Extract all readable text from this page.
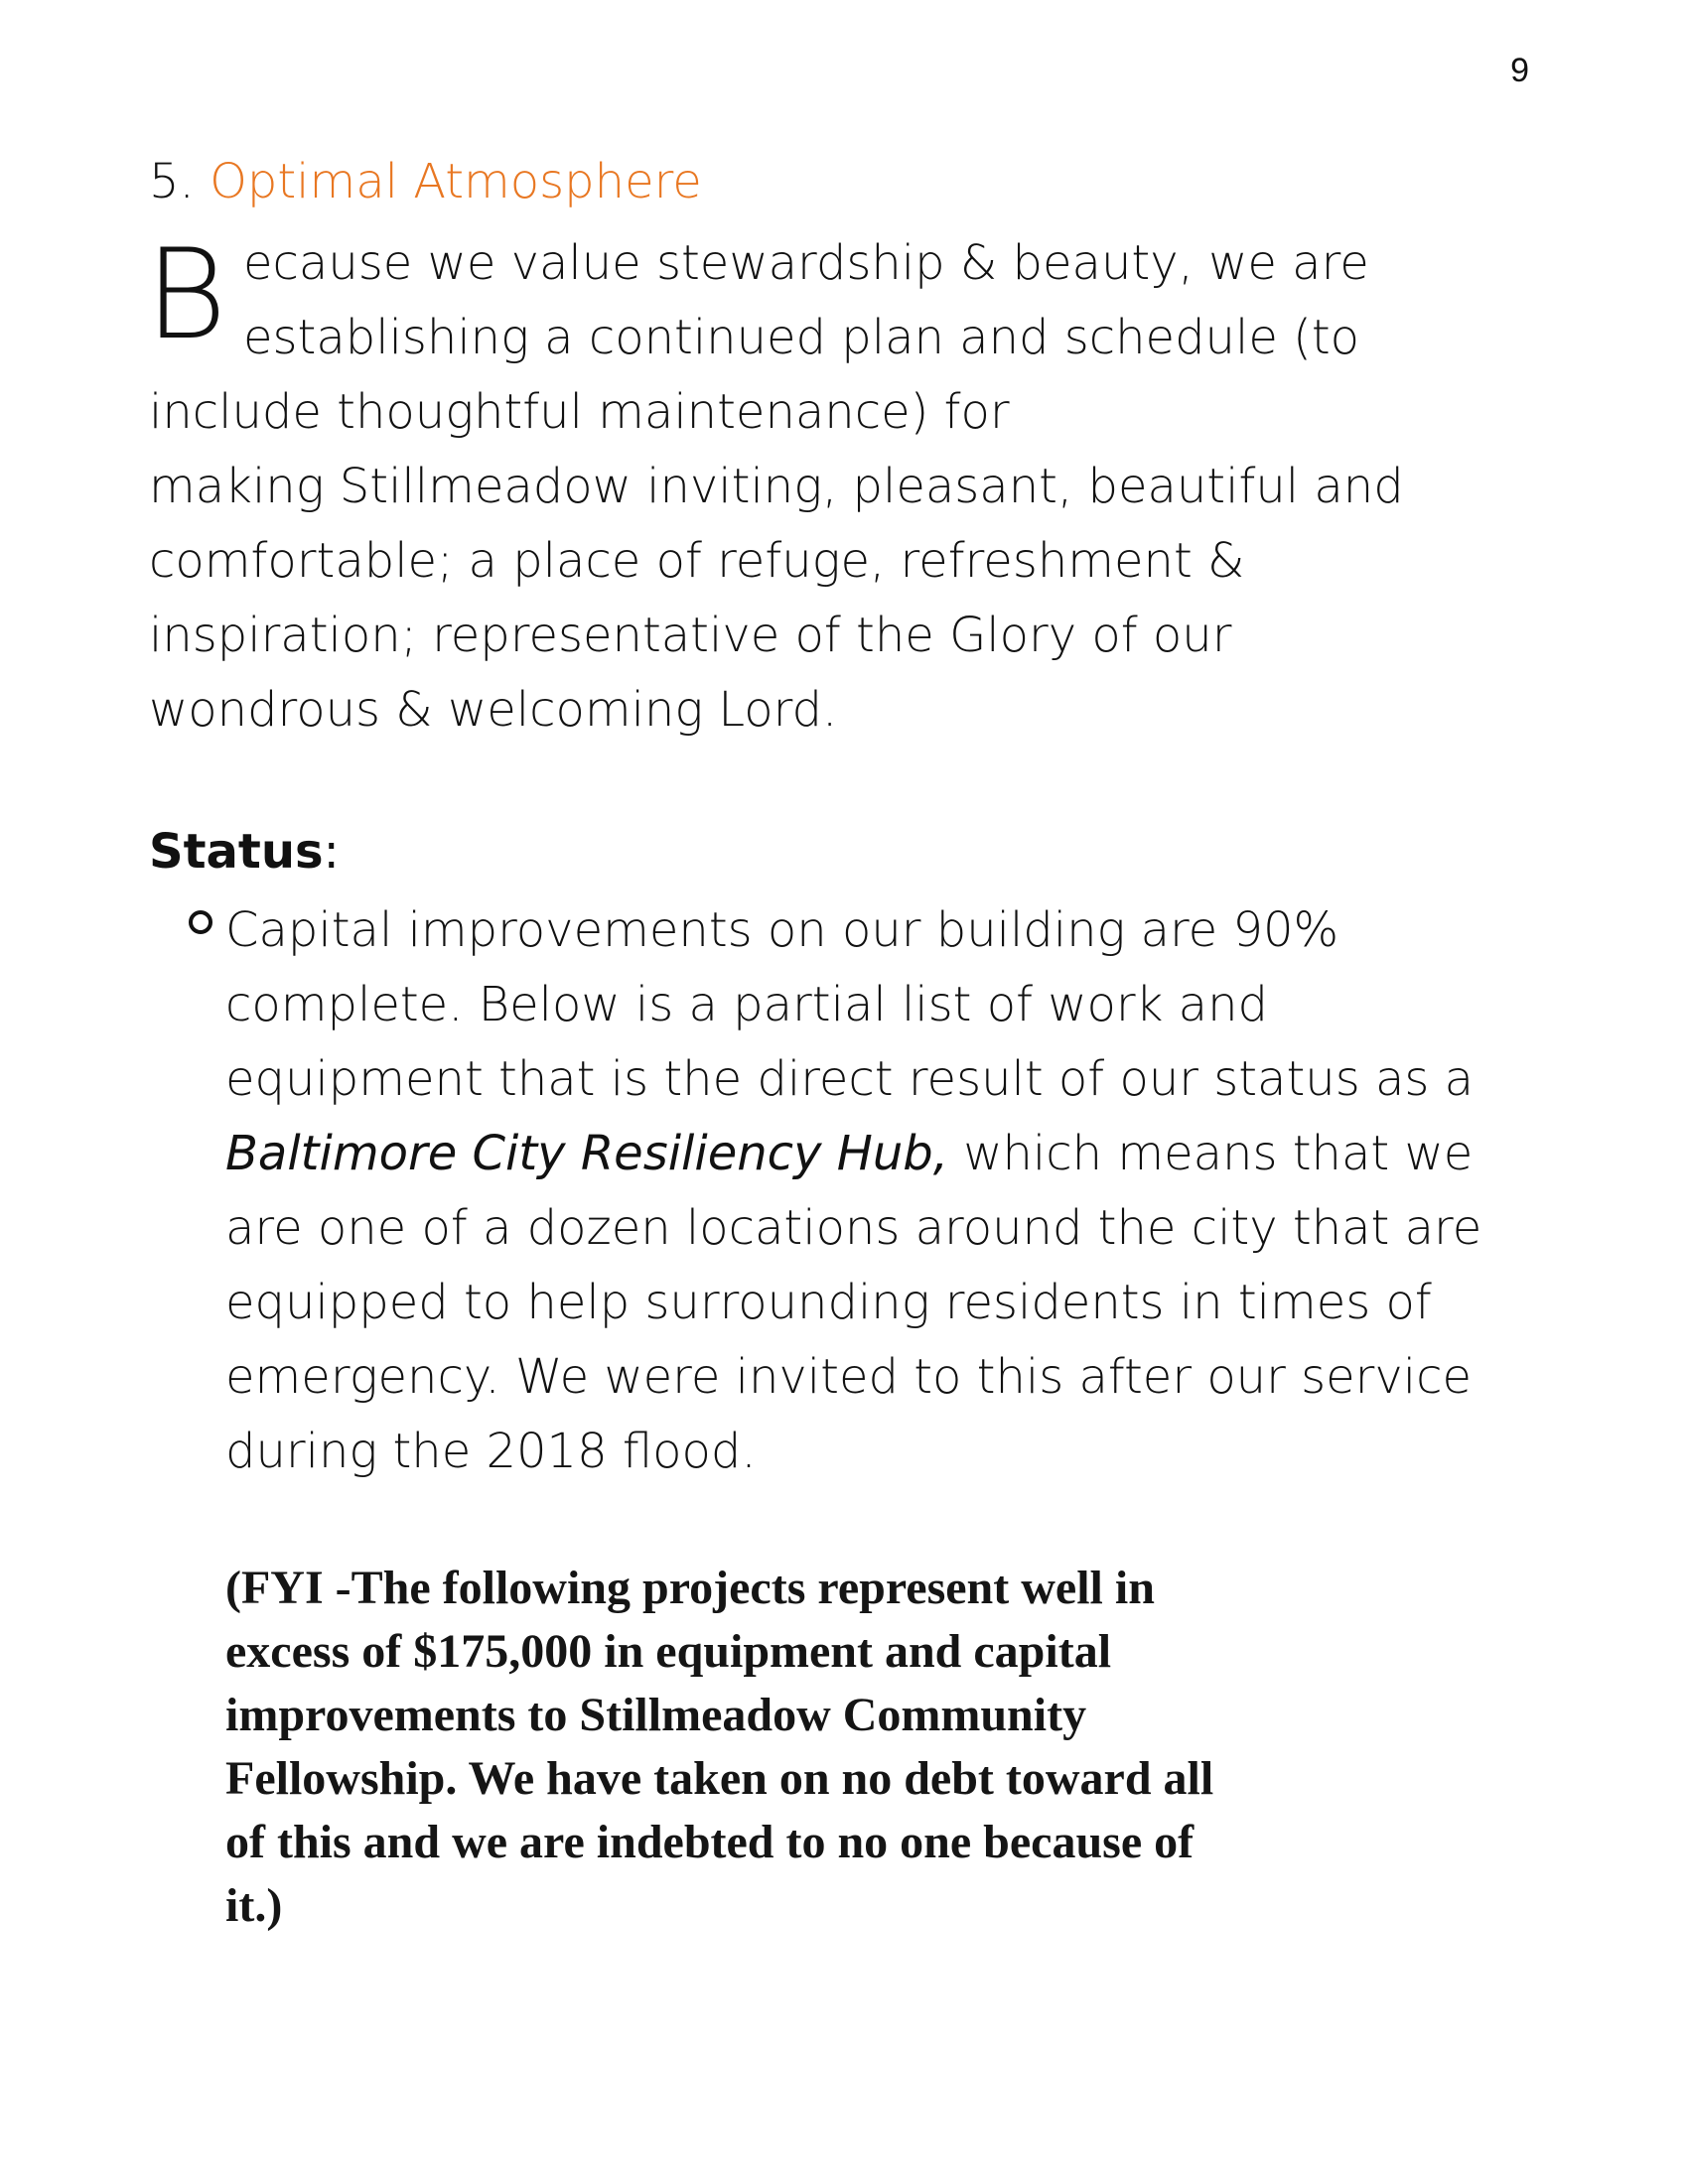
9
5. Optimal Atmosphere
B ecause we value stewardship & beauty, we are
establishing a continued plan and schedule (to
include thoughtful maintenance) for
making Stillmeadow inviting, pleasant, beautiful and
comfortable; a place of refuge, refreshment &
inspiration; representative of the Glory of our
wondrous & welcoming Lord.
Status:
Capital improvements on our building are 90%
complete. Below is a partial list of work and
equipment that is the direct result of our status as a
Baltimore City Resiliency Hub, which means that we
are one of a dozen locations around the city that are
equipped to help surrounding residents in times of
emergency. We were invited to this after our service
during the 2018 flood.
(FYI -The following projects represent well in
excess of $175,000 in equipment and capital
improvements to Stillmeadow Community
Fellowship. We have taken on no debt toward all
of this and we are indebted to no one because of
it.)
